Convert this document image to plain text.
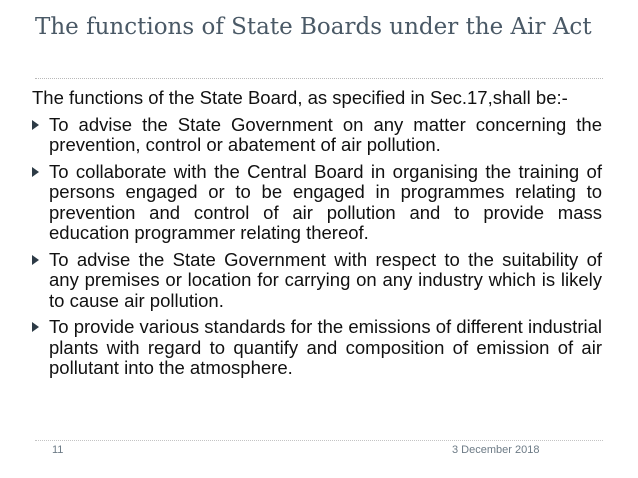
The functions of State Boards under the Air Act

The functions of the State Board, as specified in Sec.17,shall be:-

To advise the State Government on any matter concerning the prevention, control or abatement of air pollution.
To collaborate with the Central Board in organising the training of persons engaged or to be engaged in programmes relating to prevention and control of air pollution and to provide mass education programmer relating thereof.
To advise the State Government with respect to the suitability of any premises or location for carrying on any industry which is likely to cause air pollution.
To provide various standards for the emissions of different industrial plants with regard to quantify and composition of emission of air pollutant into the atmosphere.
11	3 December 2018
